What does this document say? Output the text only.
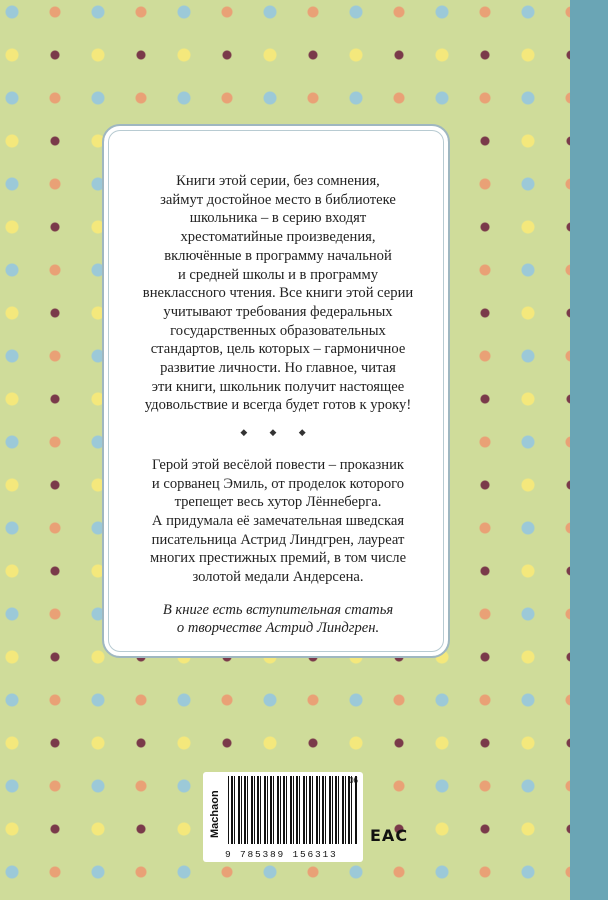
Книги этой серии, без сомнения,
займут достойное место в библиотеке
школьника – в серию входят
хрестоматийные произведения,
включённые в программу начальной
и средней школы и в программу
внеклассного чтения. Все книги этой серии
учитывают требования федеральных
государственных образовательных
стандартов, цель которых – гармоничное
развитие личности. Но главное, читая
эти книги, школьник получит настоящее
удовольствие и всегда будет готов к уроку!

◆ ◆ ◆

Герой этой весёлой повести – проказник
и сорванец Эмиль, от проделок которого
трепещет весь хутор Лённеберга.
А придумала её замечательная шведская
писательница Астрид Линдгрен, лауреат
многих престижных премий, в том числе
золотой медали Андерсена.

В книге есть вступительная статья
о творчестве Астрид Линдгрен.

Machaon
06
9 785389 156313
EAC
